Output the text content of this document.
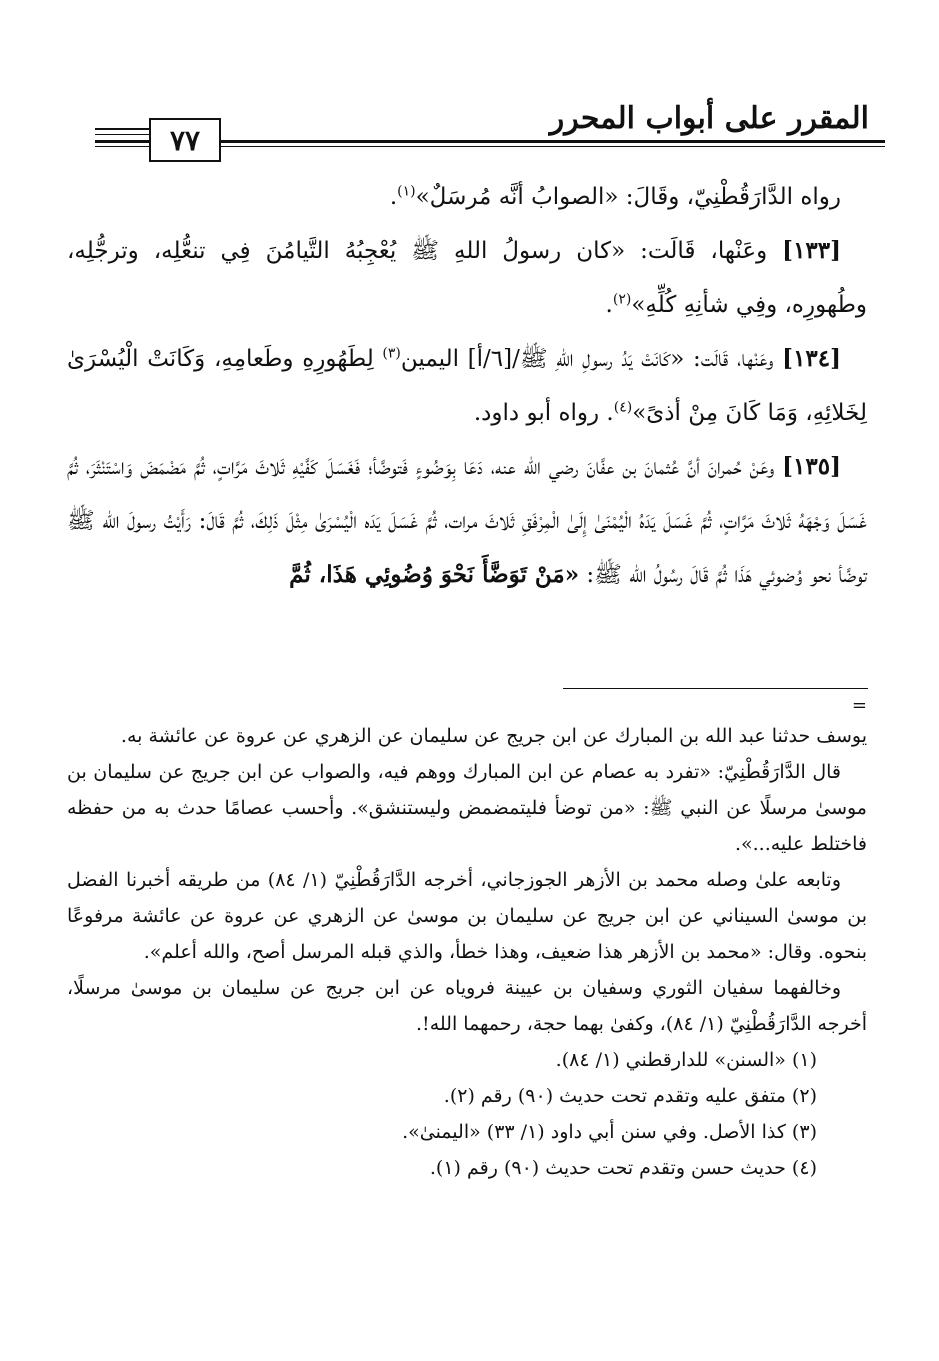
المقرر على أبواب المحرر
٧٧

رواه الدَّارَقُطْنِيّ، وقَالَ: «الصوابُ أنَّه مُرسَلٌ»$^{(١)}$.

[١٣٣] وعَنْها، قَالَت: «كان رسولُ اللهِ ﷺ يُعْجِبُهُ التَّيامُنَ فِي تنعُّلِه، وترجُّلِه، وطُهورِه، وفِي شأنِهِ كُلِّهِ»$^{(٢)}$.

[١٣٤] وعَنْها، قَالَت: «كَانَتْ يَدُ رسولِ اللهِ ﷺ/[٦/أ] اليمين$^{(٣)}$ لِطَهُورِهِ وطَعامِهِ، وَكَانَتْ الْيُسْرَىٰ لِخَلائِهِ، وَمَا كَانَ مِنْ أذىً»$^{(٤)}$. رواه أبو داود.

[١٣٥] وعَنْ حُمرانَ أنَّ عُثمانَ بن عفَّانَ رضي الله عنه، دَعَا بِوَضُوءٍ فَتوضَّأ؛ فَغَسَلَ كَفَّيْهِ ثَلاثَ مَرَّاتٍ، ثُمَّ مَضْمَضَ وَاسْتَنْثَرَ، ثُمَّ غَسَلَ وَجْهَهُ ثَلاثَ مَرَّاتٍ، ثُمَّ غَسَلَ يَدَهُ الْيُمْنَىٰ إِلَىٰ الْمِرْفَقِ ثَلاثَ مرات، ثُمَّ غَسَلَ يَدَه الْيُسْرَىٰ مِثْلَ ذَلِكَ، ثُمَّ قَالَ: رَأَيْتُ رسولَ الله ﷺ توضَّأ نحو وُضوئي هَذَا ثُمَّ قَالَ رسُولُ الله ﷺ: «مَنْ تَوَضَّأَ نَحْوَ وُضُوئِي هَذَا، ثُمَّ

=

يوسف حدثنا عبد الله بن المبارك عن ابن جريج عن سليمان عن الزهري عن عروة عن عائشة به.

قال الدَّارَقُطْنِيّ: «تفرد به عصام عن ابن المبارك ووهم فيه، والصواب عن ابن جريج عن سليمان بن موسىٰ مرسلًا عن النبي ﷺ: «من توضأ فليتمضمض وليستنشق». وأحسب عصامًا حدث به من حفظه فاختلط عليه...».

وتابعه علىٰ وصله محمد بن الأزهر الجوزجاني، أخرجه الدَّارَقُطْنِيّ (١/ ٨٤) من طريقه أخبرنا الفضل بن موسىٰ السيناني عن ابن جريج عن سليمان بن موسىٰ عن الزهري عن عروة عن عائشة مرفوعًا بنحوه. وقال: «محمد بن الأزهر هذا ضعيف، وهذا خطأ، والذي قبله المرسل أصح، والله أعلم».

وخالفهما سفيان الثوري وسفيان بن عيينة فروياه عن ابن جريج عن سليمان بن موسىٰ مرسلًا، أخرجه الدَّارَقُطْنِيّ (١/ ٨٤)، وكفىٰ بهما حجة، رحمهما الله!.

(١) «السنن» للدارقطني (١/ ٨٤).

(٢) متفق عليه وتقدم تحت حديث (٩٠) رقم (٢).

(٣) كذا الأصل. وفي سنن أبي داود (١/ ٣٣) «اليمنىٰ».

(٤) حديث حسن وتقدم تحت حديث (٩٠) رقم (١).
